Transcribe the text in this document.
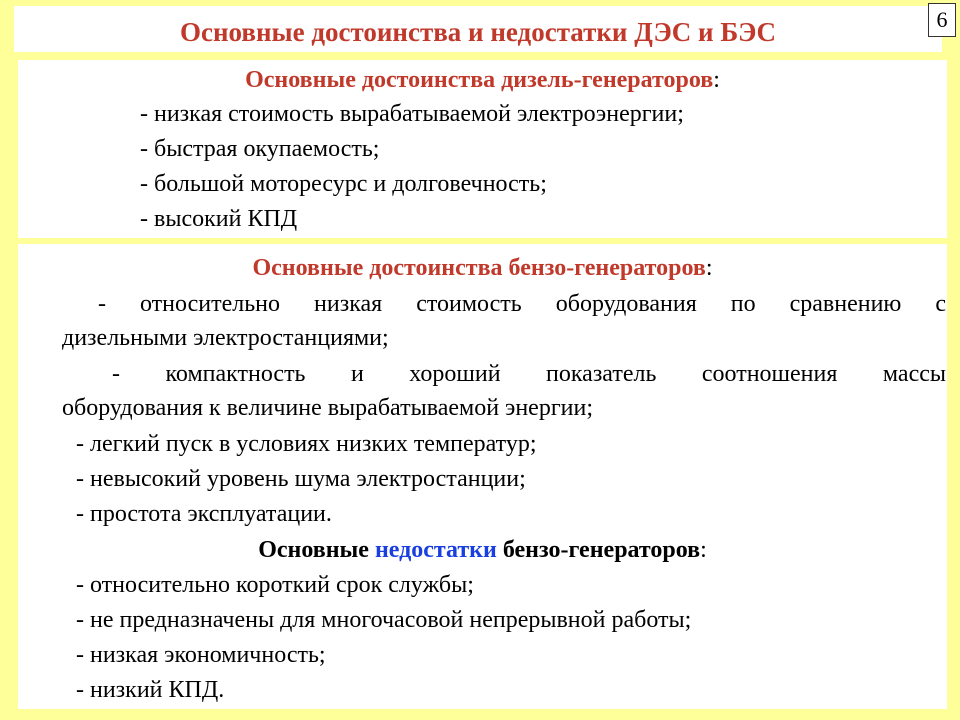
Основные достоинства и недостатки ДЭС и БЭС	6
Основные достоинства дизель-генераторов:
- низкая стоимость вырабатываемой электроэнергии;
- быстрая окупаемость;
- большой моторесурс и долговечность;
- высокий КПД
Основные достоинства бензо-генераторов:
- относительно низкая стоимость оборудования по сравнению с
дизельными электростанциями;
- компактность и хороший показатель соотношения массы
оборудования к величине вырабатываемой энергии;
- легкий пуск в условиях низких температур;
- невысокий уровень шума электростанции;
- простота эксплуатации.
Основные недостатки бензо-генераторов:
- относительно короткий срок службы;
- не предназначены для многочасовой непрерывной работы;
- низкая экономичность;
- низкий КПД.
